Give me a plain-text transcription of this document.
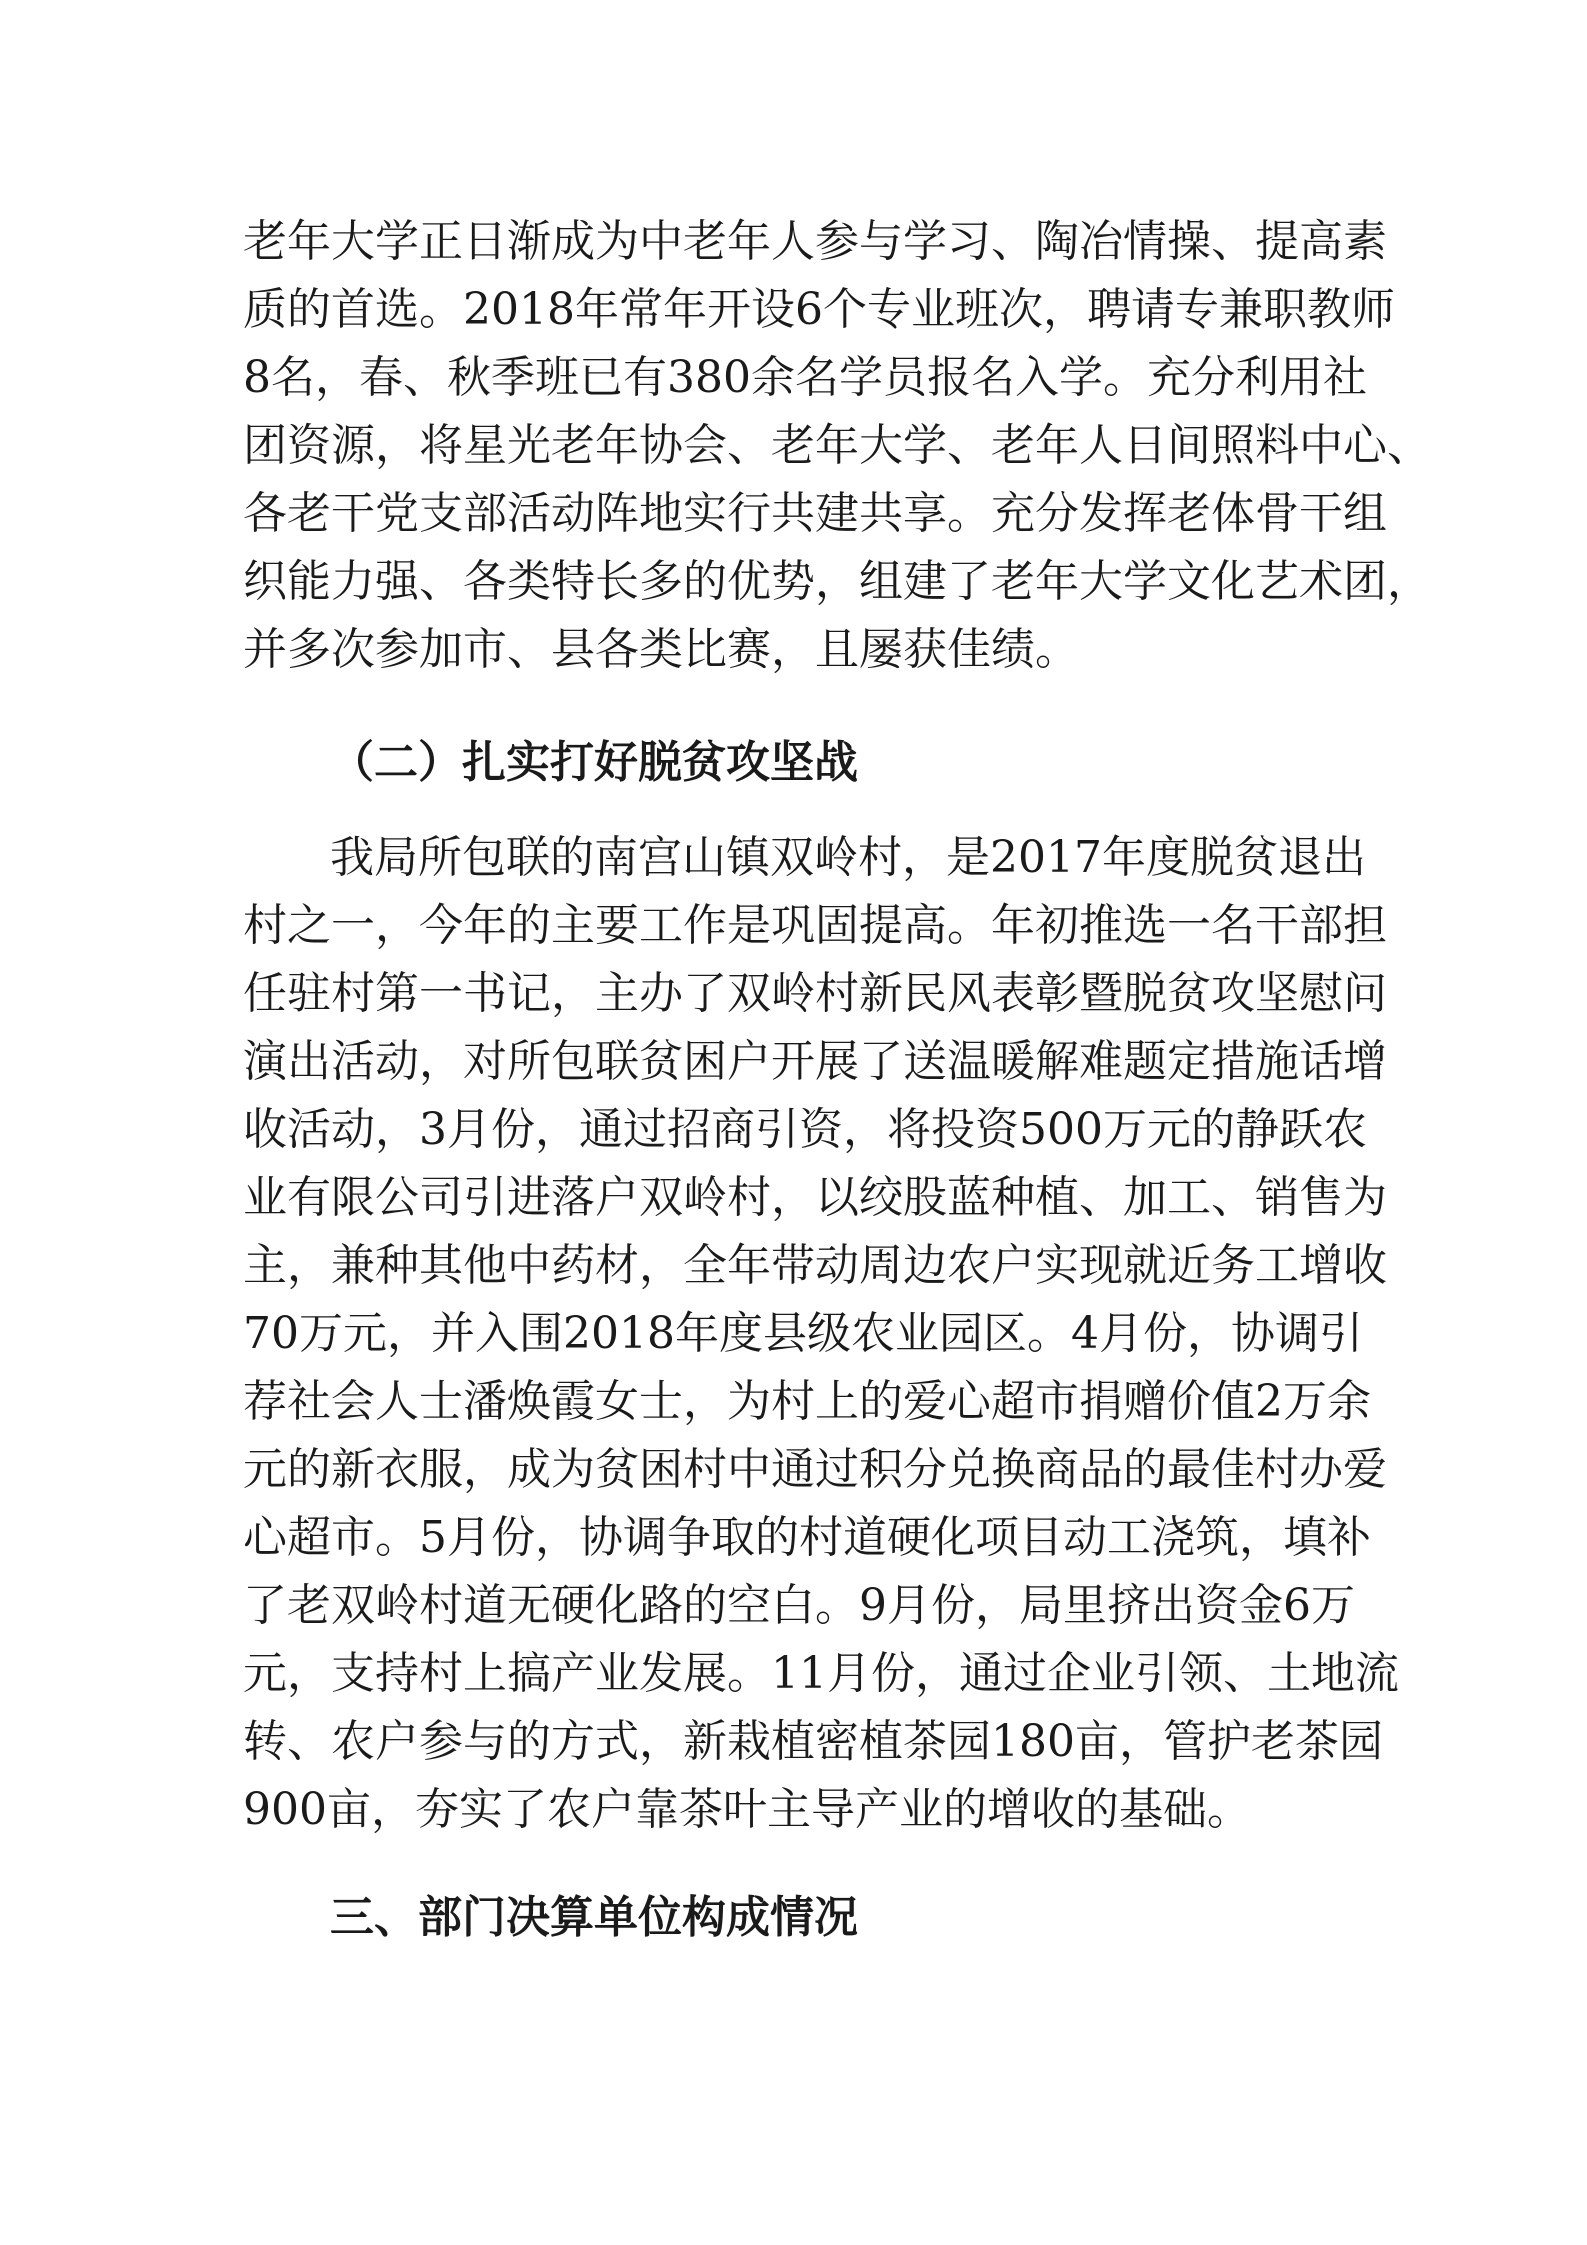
老年大学正日渐成为中老年人参与学习、陶冶情操、提高素
质的首选。2018年常年开设6个专业班次，聘请专兼职教师
8名，春、秋季班已有380余名学员报名入学。充分利用社
团资源，将星光老年协会、老年大学、老年人日间照料中心、
各老干党支部活动阵地实行共建共享。充分发挥老体骨干组
织能力强、各类特长多的优势，组建了老年大学文化艺术团，
并多次参加市、县各类比赛，且屡获佳绩。
（二）扎实打好脱贫攻坚战
我局所包联的南宫山镇双岭村，是2017年度脱贫退出
村之一，今年的主要工作是巩固提高。年初推选一名干部担
任驻村第一书记，主办了双岭村新民风表彰暨脱贫攻坚慰问
演出活动，对所包联贫困户开展了送温暖解难题定措施话增
收活动，3月份，通过招商引资，将投资500万元的静跃农
业有限公司引进落户双岭村，以绞股蓝种植、加工、销售为
主，兼种其他中药材，全年带动周边农户实现就近务工增收
70万元，并入围2018年度县级农业园区。4月份，协调引
荐社会人士潘焕霞女士，为村上的爱心超市捐赠价值2万余
元的新衣服，成为贫困村中通过积分兑换商品的最佳村办爱
心超市。5月份，协调争取的村道硬化项目动工浇筑，填补
了老双岭村道无硬化路的空白。9月份，局里挤出资金6万
元，支持村上搞产业发展。11月份，通过企业引领、土地流
转、农户参与的方式，新栽植密植茶园180亩，管护老茶园
900亩，夯实了农户靠茶叶主导产业的增收的基础。
三、部门决算单位构成情况
